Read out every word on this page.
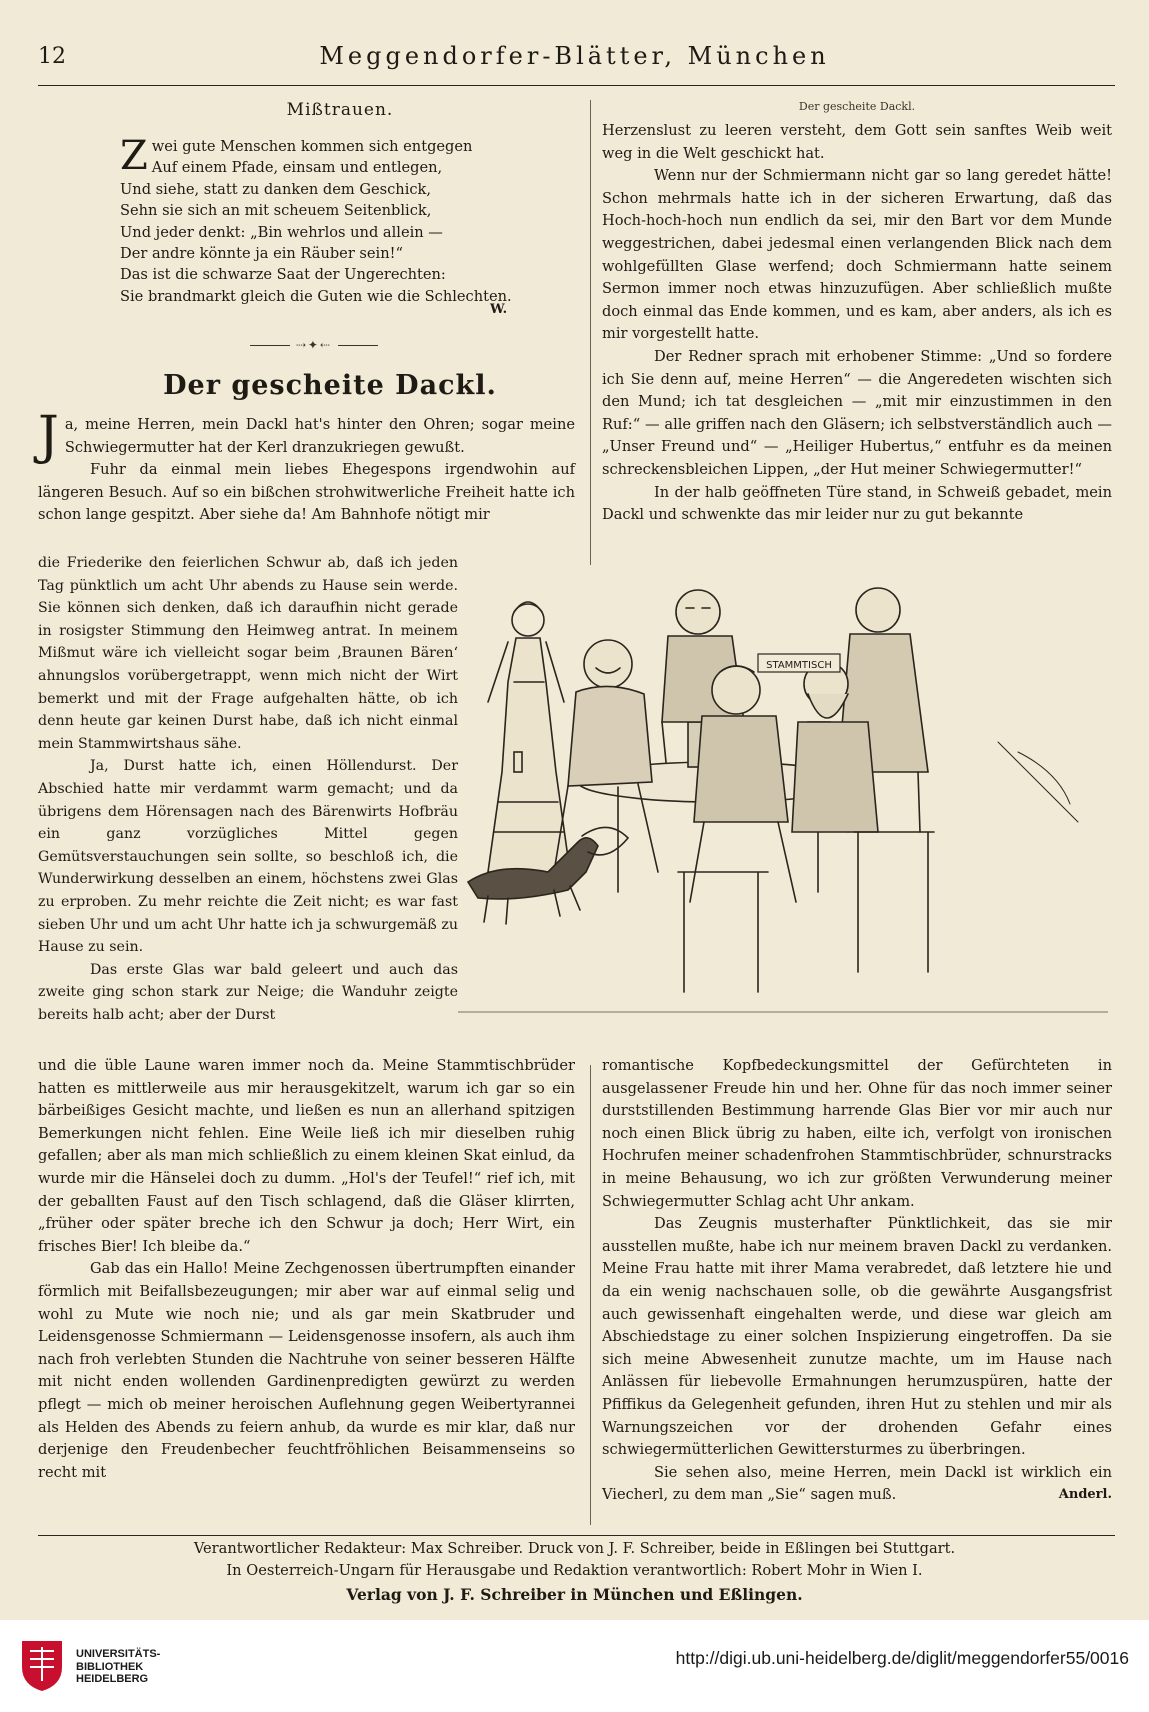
12	Meggendorfer-Blätter, München
Mißtrauen.
Z wei gute Menschen kommen sich entgegen
Auf einem Pfade, einsam und entlegen,
Und siehe, statt zu danken dem Geschick,
Sehn sie sich an mit scheuem Seitenblick,
Und jeder denkt: „Bin wehrlos und allein —
Der andre könnte ja ein Räuber sein!“
Das ist die schwarze Saat der Ungerechten:
Sie brandmarkt gleich die Guten wie die Schlechten.
W.
⇢✦⇠
Der gescheite Dackl.

Ja, meine Herren, mein Dackl hat's hinter den Ohren; sogar meine Schwiegermutter hat der Kerl dranzukriegen gewußt.

Fuhr da einmal mein liebes Ehegespons irgendwohin auf längeren Besuch. Auf so ein bißchen strohwitwerliche Freiheit hatte ich schon lange gespitzt. Aber siehe da! Am Bahnhofe nötigt mir

die Friederike den feierlichen Schwur ab, daß ich jeden Tag pünktlich um acht Uhr abends zu Hause sein werde. Sie können sich denken, daß ich daraufhin nicht gerade in rosigster Stimmung den Heimweg antrat. In meinem Mißmut wäre ich vielleicht sogar beim ‚Braunen Bären‘ ahnungslos vorübergetrappt, wenn mich nicht der Wirt bemerkt und mit der Frage aufgehalten hätte, ob ich denn heute gar keinen Durst habe, daß ich nicht einmal mein Stammwirtshaus sähe.

Ja, Durst hatte ich, einen Höllendurst. Der Abschied hatte mir verdammt warm gemacht; und da übrigens dem Hörensagen nach des Bärenwirts Hofbräu ein ganz vorzügliches Mittel gegen Gemütsverstauchungen sein sollte, so beschloß ich, die Wunderwirkung desselben an einem, höchstens zwei Glas zu erproben. Zu mehr reichte die Zeit nicht; es war fast sieben Uhr und um acht Uhr hatte ich ja schwurgemäß zu Hause zu sein.

Das erste Glas war bald geleert und auch das zweite ging schon stark zur Neige; die Wanduhr zeigte bereits halb acht; aber der Durst

und die üble Laune waren immer noch da. Meine Stammtischbrüder hatten es mittlerweile aus mir herausgekitzelt, warum ich gar so ein bärbeißiges Gesicht machte, und ließen es nun an allerhand spitzigen Bemerkungen nicht fehlen. Eine Weile ließ ich mir dieselben ruhig gefallen; aber als man mich schließlich zu einem kleinen Skat einlud, da wurde mir die Hänselei doch zu dumm. „Hol's der Teufel!“ rief ich, mit der geballten Faust auf den Tisch schlagend, daß die Gläser klirrten, „früher oder später breche ich den Schwur ja doch; Herr Wirt, ein frisches Bier! Ich bleibe da.“

Gab das ein Hallo! Meine Zechgenossen übertrumpften einander förmlich mit Beifallsbezeugungen; mir aber war auf einmal selig und wohl zu Mute wie noch nie; und als gar mein Skatbruder und Leidensgenosse Schmiermann — Leidensgenosse insofern, als auch ihm nach froh verlebten Stunden die Nachtruhe von seiner besseren Hälfte mit nicht enden wollenden Gardinenpredigten gewürzt zu werden pflegt — mich ob meiner heroischen Auflehnung gegen Weibertyrannei als Helden des Abends zu feiern anhub, da wurde es mir klar, daß nur derjenige den Freudenbecher feuchtfröhlichen Beisammenseins so recht mit

Der gescheite Dackl.

Herzenslust zu leeren versteht, dem Gott sein sanftes Weib weit weg in die Welt geschickt hat.

Wenn nur der Schmiermann nicht gar so lang geredet hätte! Schon mehrmals hatte ich in der sicheren Erwartung, daß das Hoch-hoch-hoch nun endlich da sei, mir den Bart vor dem Munde weggestrichen, dabei jedesmal einen verlangenden Blick nach dem wohlgefüllten Glase werfend; doch Schmiermann hatte seinem Sermon immer noch etwas hinzuzufügen. Aber schließlich mußte doch einmal das Ende kommen, und es kam, aber anders, als ich es mir vorgestellt hatte.

Der Redner sprach mit erhobener Stimme: „Und so fordere ich Sie denn auf, meine Herren“ — die Angeredeten wischten sich den Mund; ich tat desgleichen — „mit mir einzustimmen in den Ruf:“ — alle griffen nach den Gläsern; ich selbstverständlich auch — „Unser Freund und“ — „Heiliger Hubertus,“ entfuhr es da meinen schreckensbleichen Lippen, „der Hut meiner Schwiegermutter!“

In der halb geöffneten Türe stand, in Schweiß gebadet, mein Dackl und schwenkte das mir leider nur zu gut bekannte

romantische Kopfbedeckungsmittel der Gefürchteten in ausgelassener Freude hin und her. Ohne für das noch immer seiner durststillenden Bestimmung harrende Glas Bier vor mir auch nur noch einen Blick übrig zu haben, eilte ich, verfolgt von ironischen Hochrufen meiner schadenfrohen Stammtischbrüder, schnurstracks in meine Behausung, wo ich zur größten Verwunderung meiner Schwiegermutter Schlag acht Uhr ankam.

Das Zeugnis musterhafter Pünktlichkeit, das sie mir ausstellen mußte, habe ich nur meinem braven Dackl zu verdanken. Meine Frau hatte mit ihrer Mama verabredet, daß letztere hie und da ein wenig nachschauen solle, ob die gewährte Ausgangsfrist auch gewissenhaft eingehalten werde, und diese war gleich am Abschiedstage zu einer solchen Inspizierung eingetroffen. Da sie sich meine Abwesenheit zunutze machte, um im Hause nach Anlässen für liebevolle Ermahnungen herumzuspüren, hatte der Pfiffikus da Gelegenheit gefunden, ihren Hut zu stehlen und mir als Warnungszeichen vor der drohenden Gefahr eines schwiegermütterlichen Gewittersturmes zu überbringen.

Sie sehen also, meine Herren, mein Dackl ist wirklich ein Viecherl, zu dem man „Sie“ sagen muß.	Anderl.

STAMMTISCH
Verantwortlicher Redakteur: Max Schreiber. Druck von J. F. Schreiber, beide in Eßlingen bei Stuttgart.
In Oesterreich-Ungarn für Herausgabe und Redaktion verantwortlich: Robert Mohr in Wien I.
Verlag von J. F. Schreiber in München und Eßlingen.
UNIVERSITÄTS-
BIBLIOTHEK
HEIDELBERG
http://digi.ub.uni-heidelberg.de/diglit/meggendorfer55/0016
